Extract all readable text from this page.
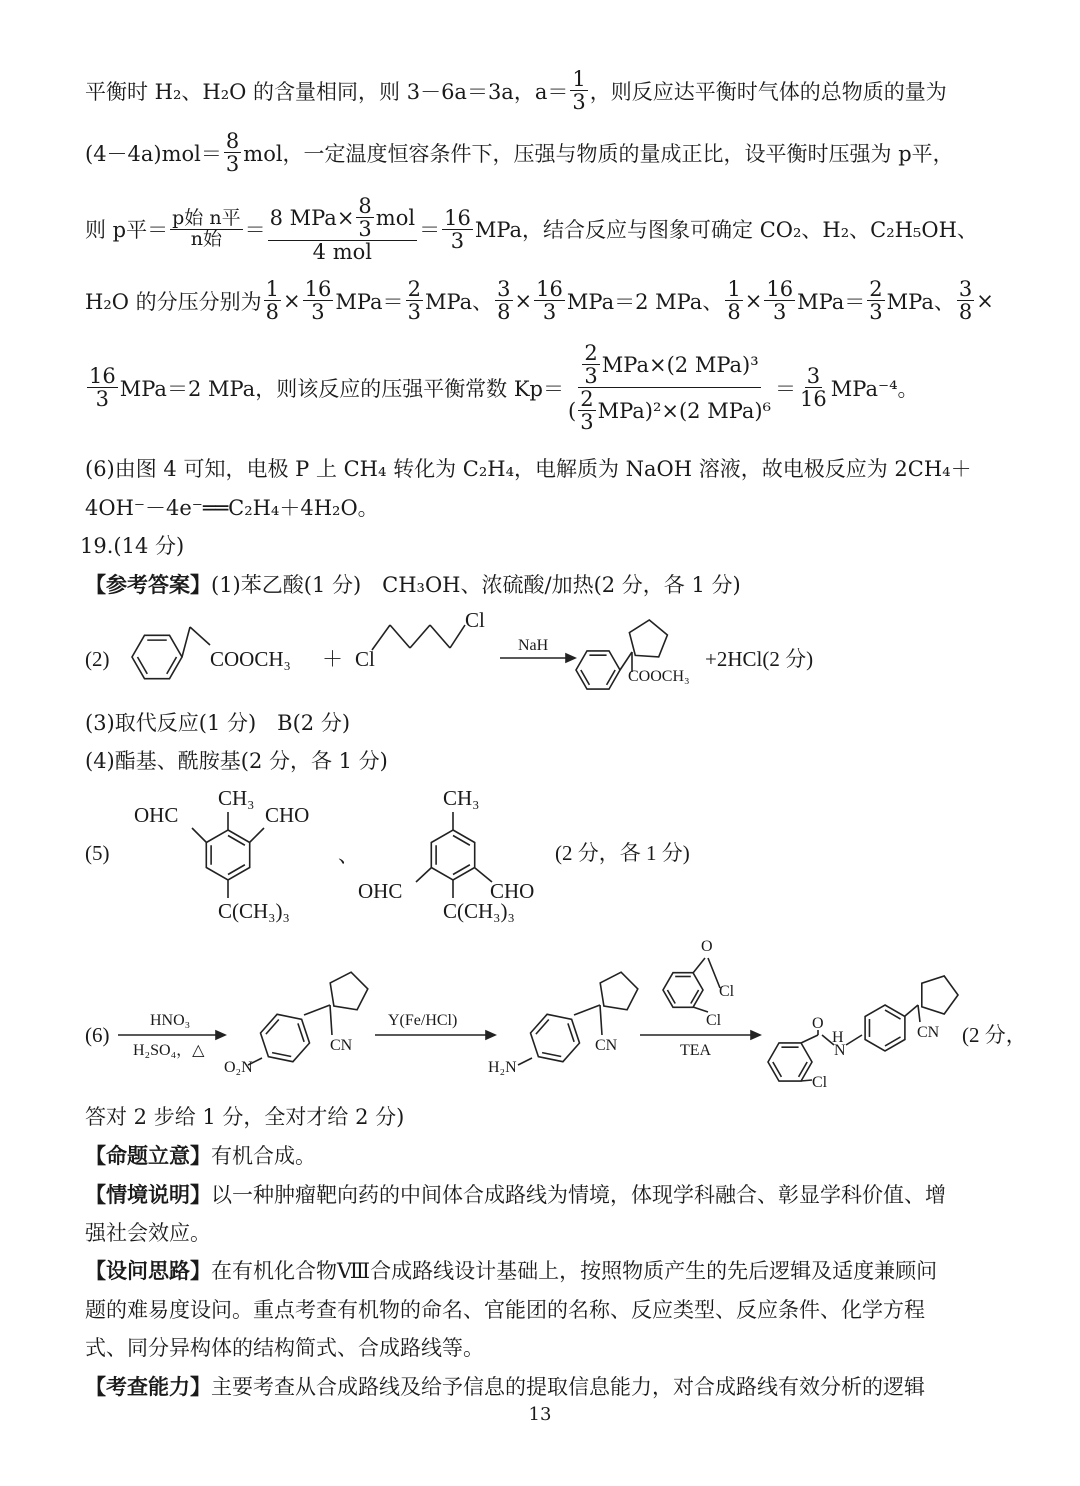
平衡时 H₂、H₂O 的含量相同，则 3－6a＝3a，$a= \frac{1}{3}$ ，则反应达平衡时气体的总物质的量为
$(4-4a)mol= \frac{8}{3}$ mol，一定温度恒容条件下，压强与物质的量成正比，设平衡时压强为 p平，
则 p平＝
p始 n平
n始 ＝
8 $MPa\times \frac{8}{3}$ mol
4 mol
＝ $\frac{16}{3}$ MPa，结合反应与图象可确定 CO₂、H₂、C₂H₅OH、
H₂O 的分压分别为 $\frac{1}{8} \times \frac{16}{3} MPa= \frac{2}{3}$ MPa、 $\frac{3}{8} \times \frac{16}{3} MPa=2$ MPa、 $\frac{1}{8} \times \frac{16}{3} MPa= \frac{2}{3}$ MPa、 $\frac{3}{8}$ ×
$\frac{16}{3} MPa=2$ MPa，则该反应的压强平衡常数 Kp＝
$\frac{2}{3} MPa\times(2$ MPa)³
( $\frac{2}{3} MPa)^2\times(2$ MPa)⁶
＝ $\frac{3}{16} MPa^{-4}$。
(6)由图 4 可知，电极 P 上 CH₄ 转化为 C₂H₄，电解质为 NaOH 溶液，故电极反应为 2CH₄＋
4OH⁻－4e⁻══C₂H₄＋4H₂O。
19.(14 分)
【参考答案】 (1)苯乙酸(1 分)　CH₃OH、浓硫酸/加热(2 分，各 1 分)
(3)取代反应(1 分)　B(2 分)
(4)酯基、酰胺基(2 分，各 1 分)
答对 2 步给 1 分，全对才给 2 分)
【命题立意】 有机合成。
【情境说明】 以一种肿瘤靶向药的中间体合成路线为情境，体现学科融合、彰显学科价值、增
强社会效应。
【设问思路】 在有机化合物Ⅷ合成路线设计基础上，按照物质产生的先后逻辑及适度兼顾问
题的难易度设问。重点考查有机物的命名、官能团的名称、反应类型、反应条件、化学方程
式、同分异构体的结构简式、合成路线等。
【考查能力】 主要考查从合成路线及给予信息的提取信息能力，对合成路线有效分析的逻辑
13
(2)	COOCH₃ ＋ Cl
Cl
NaH
COOCH₃
+2HCl(2 分)
(5)
CH₃
OHC	CHO
C(CH₃)₃
、
CH₃
OHC	CHO
C(CH₃)₃
(2 分，各 1 分)
(6)
HNO₃
H₂SO₄，△
O₂N
CN
Y(Fe/HCl)
H₂N
CN
O
Cl
Cl
TEA
O
H
N
Cl
CN (2 分，
